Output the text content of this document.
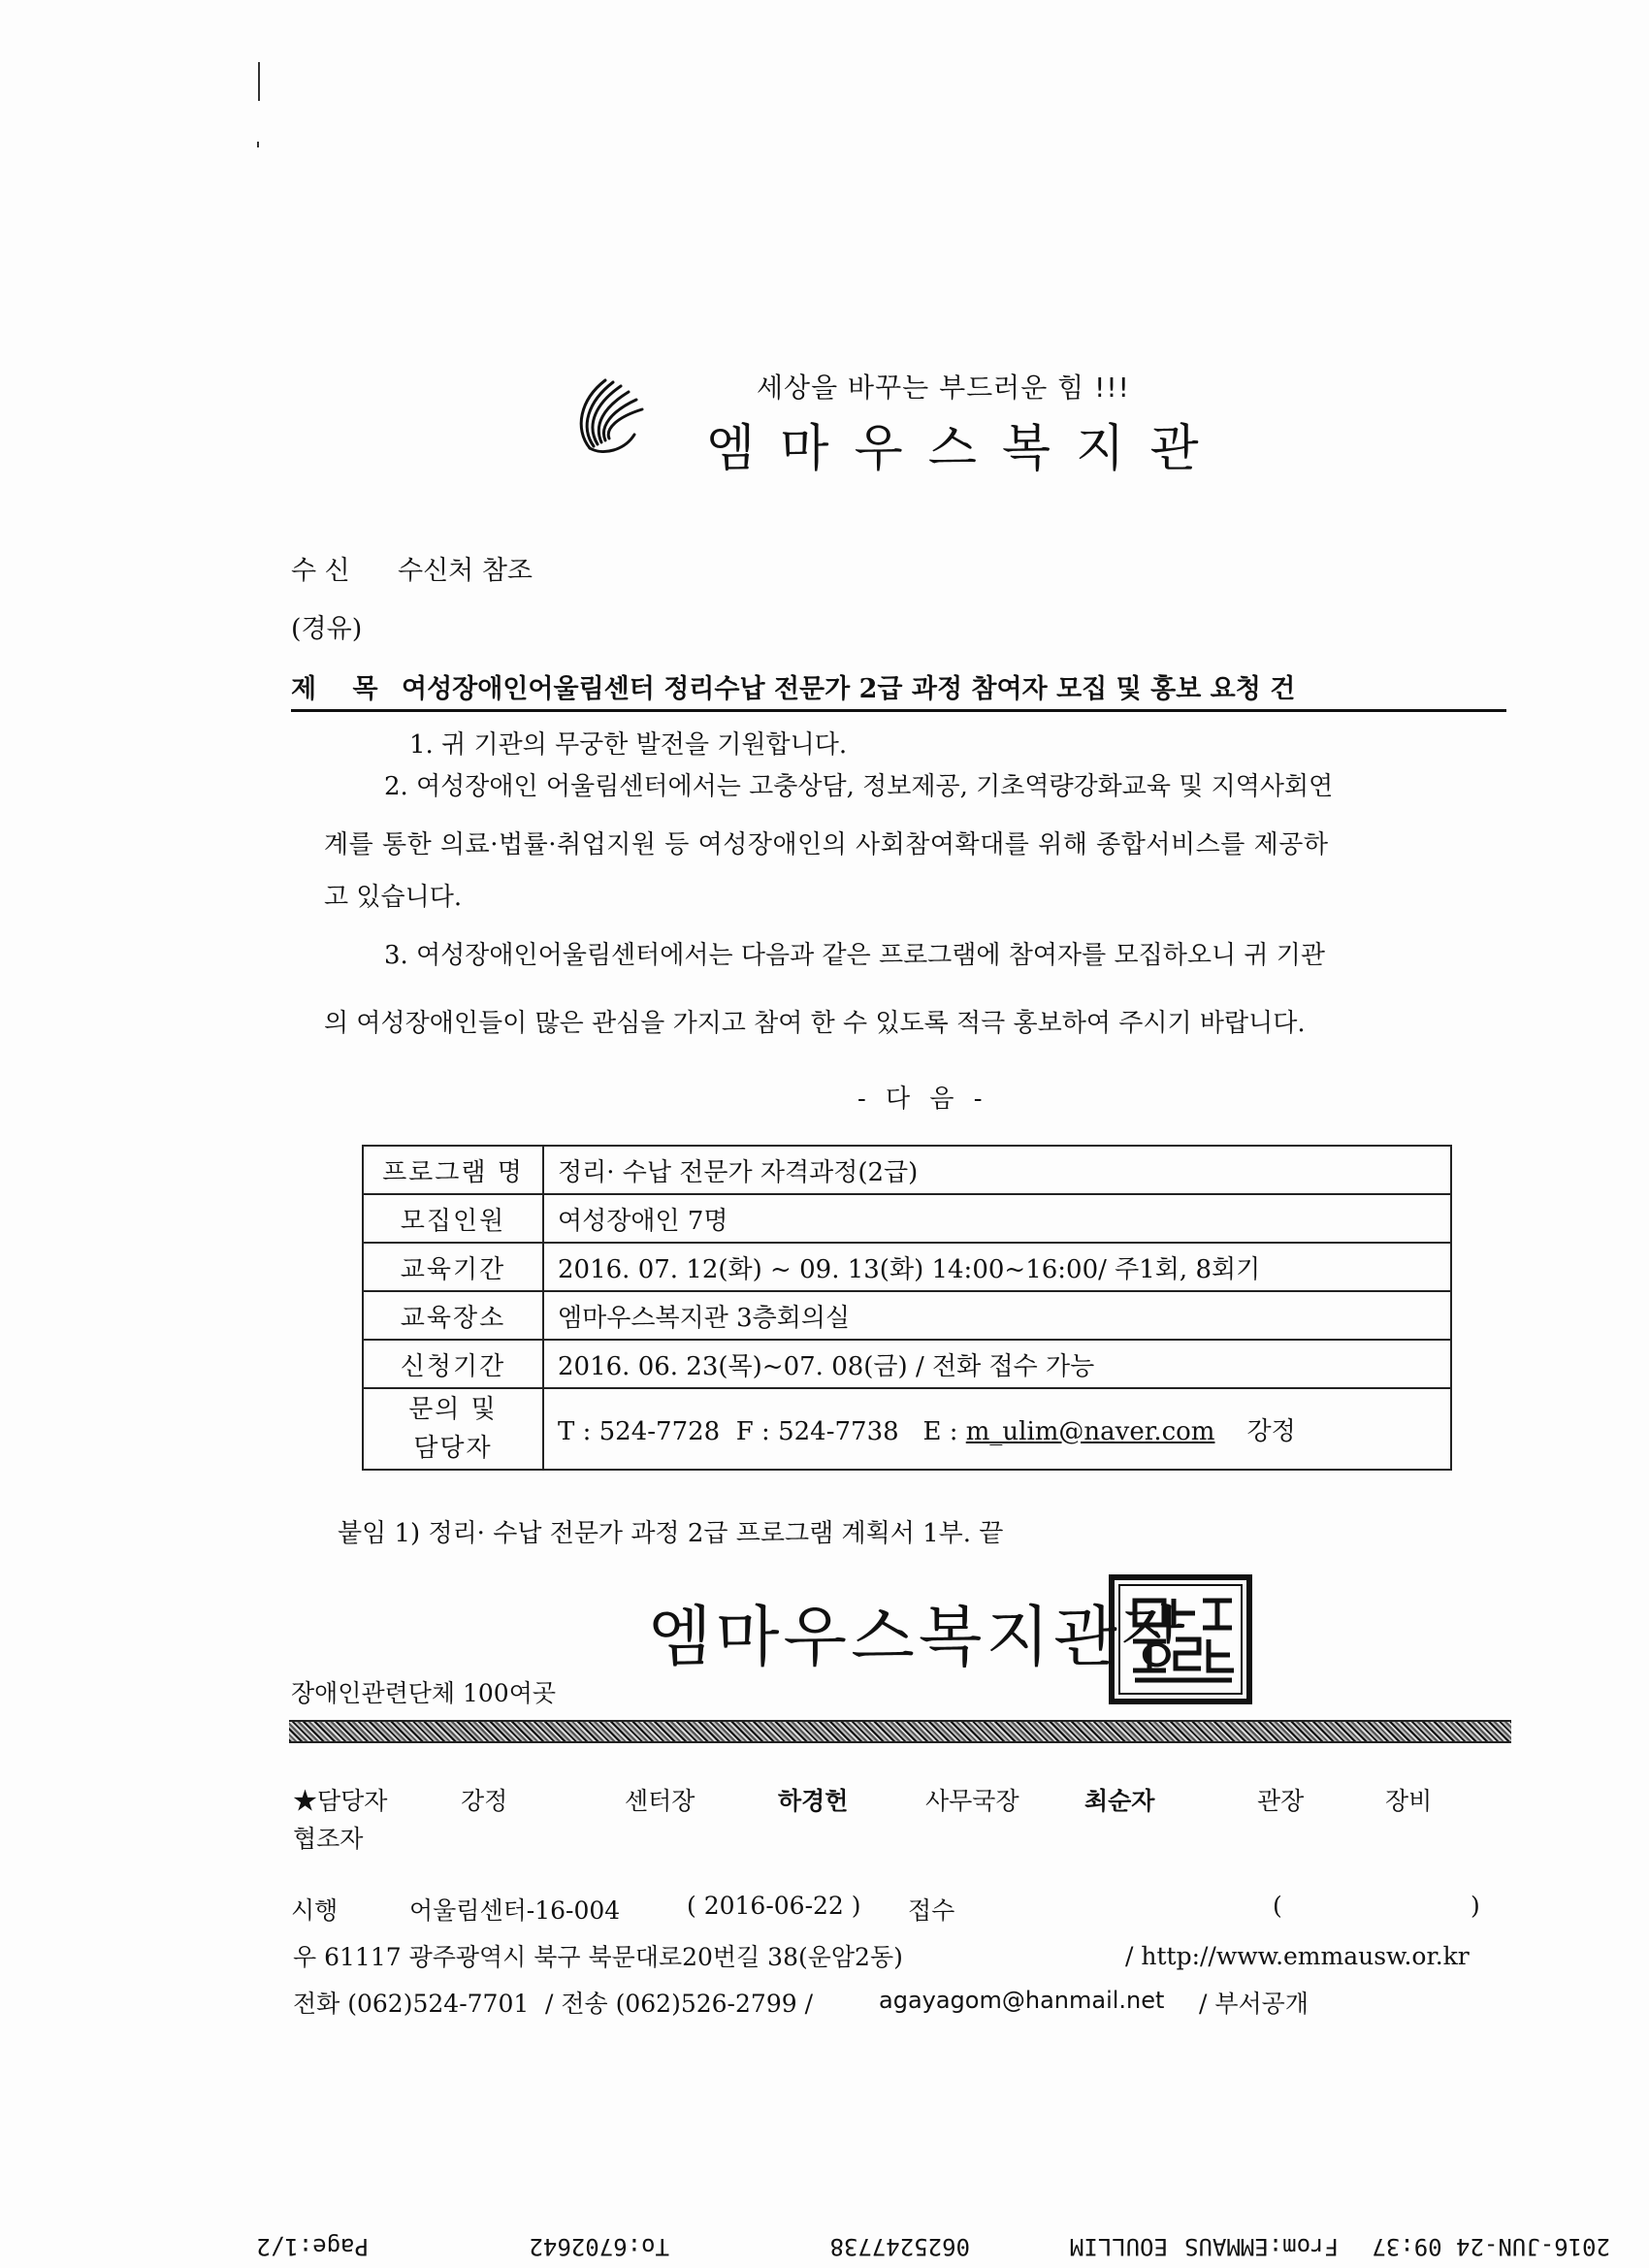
세상을 바꾸는 부드러운 힘 !!!
엠마우스복지관
수 신 수신처 참조
(경유)
제 목 여성장애인어울림센터 정리수납 전문가 2급 과정 참여자 모집 및 홍보 요청 건
1. 귀 기관의 무궁한 발전을 기원합니다.
2. 여성장애인 어울림센터에서는 고충상담, 정보제공, 기초역량강화교육 및 지역사회연
계를 통한 의료·법률·취업지원 등 여성장애인의 사회참여확대를 위해 종합서비스를 제공하
고 있습니다.
3. 여성장애인어울림센터에서는 다음과 같은 프로그램에 참여자를 모집하오니 귀 기관
의 여성장애인들이 많은 관심을 가지고 참여 한 수 있도록 적극 홍보하여 주시기 바랍니다.
- 다 음 -
프로그램 명	정리· 수납 전문가 자격과정(2급)
모집인원	여성장애인 7명
교육기간	2016. 07. 12(화) ~ 09. 13(화) 14:00~16:00/ 주1회, 8회기
교육장소	엠마우스복지관 3층회의실
신청기간	2016. 06. 23(목)~07. 08(금) / 전화 접수 가능

문의 및
담당자	T : 524-7728 F : 524-7738 E : m_ulim@naver.com 강정
붙임 1) 정리· 수납 전문가 과정 2급 프로그램 계획서 1부. 끝
엠마우스복지관장
장애인관련단체 100여곳
★담당자	강정	센터장	하경헌	사무국장	최순자	관장	장비
협조자
시행	어울림센터-16-004	( 2016-06-22 ) 접수	(	)
우 61117 광주광역시 북구 북문대로20번길 38(운암2동)	/ http://www.emmausw.or.kr
전화 (062)524-7701 / 전송 (062)526-2799 /	agayagom@hanmail.net / 부서공개
2016-JUN-24 09:37
From:EMMAUS
EOULLIM
0625247738
To:6702642
Page:1/2
